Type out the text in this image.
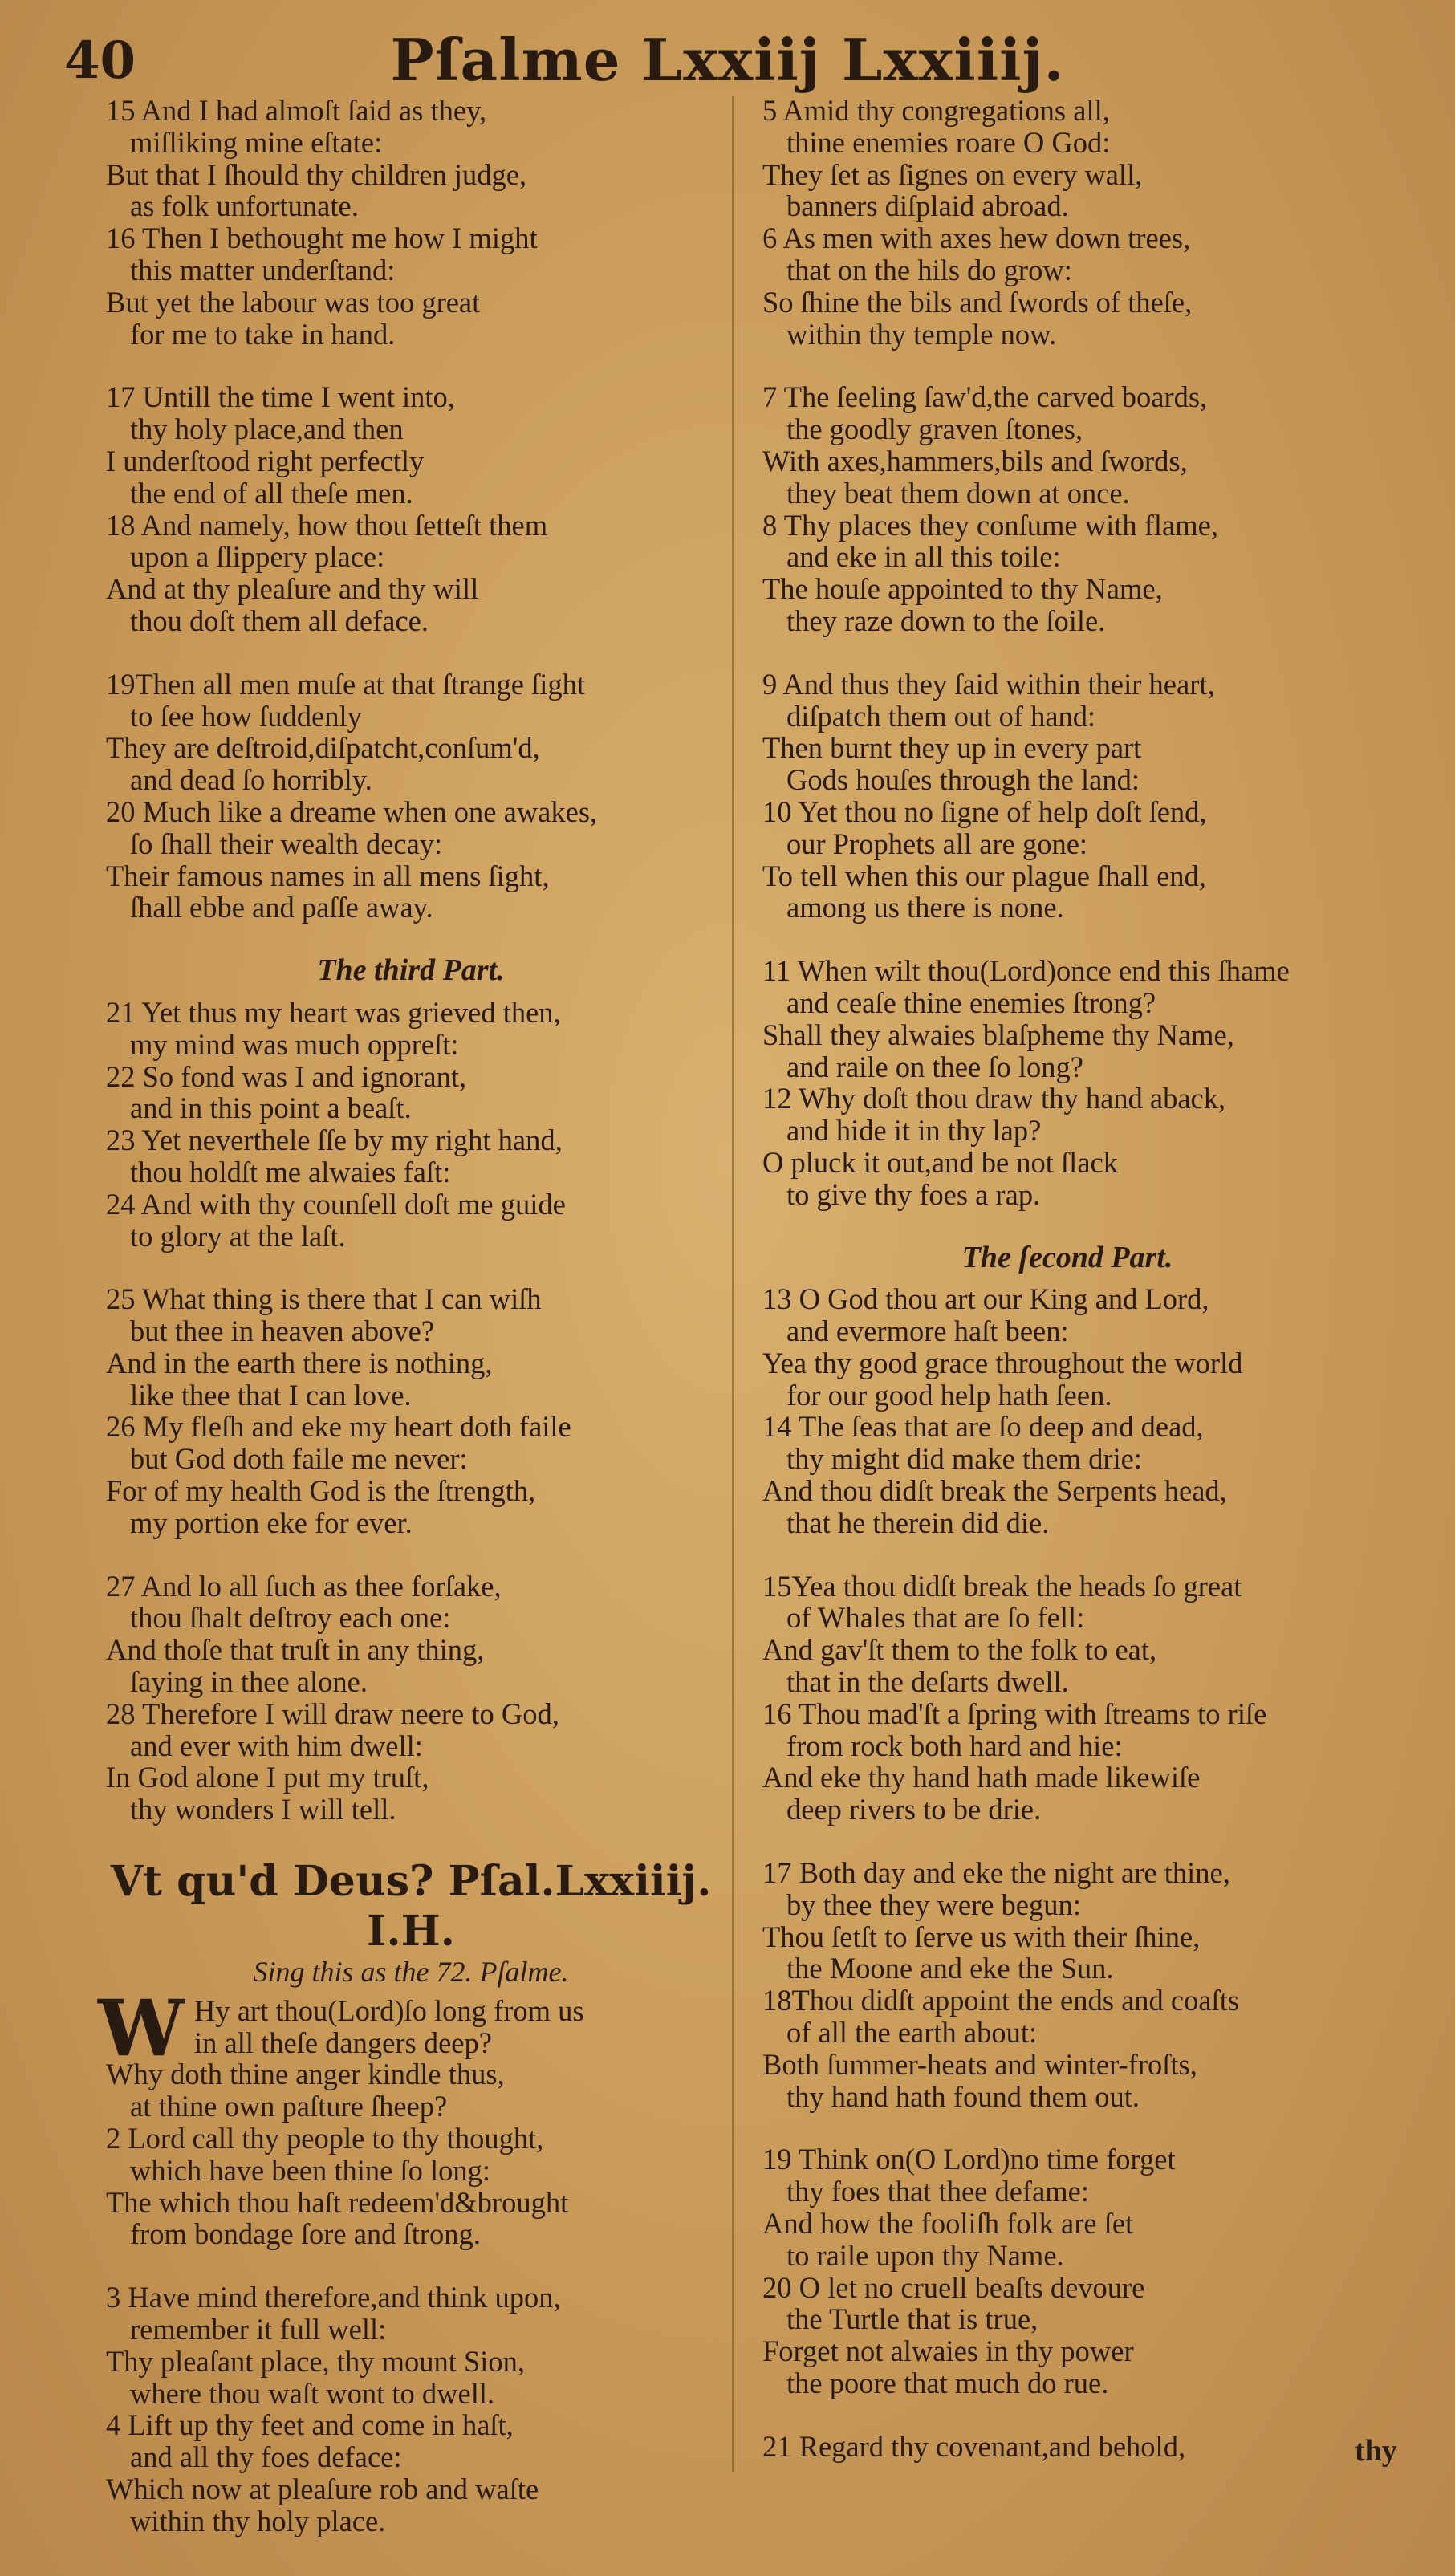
40	Pſalme Lxxiij Lxxiiij.
15 And I had almoſt ſaid as they,
miſliking mine eſtate:
But that I ſhould thy children judge,
as folk unfortunate.
16 Then I bethought me how I might
this matter underſtand:
But yet the labour was too great
for me to take in hand.
17 Untill the time I went into,
thy holy place,and then
I underſtood right perfectly
the end of all theſe men.
18 And namely, how thou ſetteſt them
upon a ſlippery place:
And at thy pleaſure and thy will
thou doſt them all deface.
19Then all men muſe at that ſtrange ſight
to ſee how ſuddenly
They are deſtroid,diſpatcht,conſum'd,
and dead ſo horribly.
20 Much like a dreame when one awakes,
ſo ſhall their wealth decay:
Their famous names in all mens ſight,
ſhall ebbe and paſſe away.
The third Part.
21 Yet thus my heart was grieved then,
my mind was much oppreſt:
22 So fond was I and ignorant,
and in this point a beaſt.
23 Yet neverthele ſſe by my right hand,
thou holdſt me alwaies faſt:
24 And with thy counſell doſt me guide
to glory at the laſt.
25 What thing is there that I can wiſh
but thee in heaven above?
And in the earth there is nothing,
like thee that I can love.
26 My fleſh and eke my heart doth faile
but God doth faile me never:
For of my health God is the ſtrength,
my portion eke for ever.
27 And lo all ſuch as thee forſake,
thou ſhalt deſtroy each one:
And thoſe that truſt in any thing,
ſaying in thee alone.
28 Therefore I will draw neere to God,
and ever with him dwell:
In God alone I put my truſt,
thy wonders I will tell.
Vt qu'd Deus? Pſal.Lxxiiij. I.H.
Sing this as the 72. Pſalme.
W Hy art thou(Lord)ſo long from us
in all theſe dangers deep?
Why doth thine anger kindle thus,
at thine own paſture ſheep?
2 Lord call thy people to thy thought,
which have been thine ſo long:
The which thou haſt redeem'd&brought
from bondage ſore and ſtrong.
3 Have mind therefore,and think upon,
remember it full well:
Thy pleaſant place, thy mount Sion,
where thou waſt wont to dwell.
4 Lift up thy feet and come in haſt,
and all thy foes deface:
Which now at pleaſure rob and waſte
within thy holy place.
5 Amid thy congregations all,
thine enemies roare O God:
They ſet as ſignes on every wall,
banners diſplaid abroad.
6 As men with axes hew down trees,
that on the hils do grow:
So ſhine the bils and ſwords of theſe,
within thy temple now.
7 The ſeeling ſaw'd,the carved boards,
the goodly graven ſtones,
With axes,hammers,bils and ſwords,
they beat them down at once.
8 Thy places they conſume with flame,
and eke in all this toile:
The houſe appointed to thy Name,
they raze down to the ſoile.
9 And thus they ſaid within their heart,
diſpatch them out of hand:
Then burnt they up in every part
Gods houſes through the land:
10 Yet thou no ſigne of help doſt ſend,
our Prophets all are gone:
To tell when this our plague ſhall end,
among us there is none.
11 When wilt thou(Lord)once end this ſhame
and ceaſe thine enemies ſtrong?
Shall they alwaies blaſpheme thy Name,
and raile on thee ſo long?
12 Why doſt thou draw thy hand aback,
and hide it in thy lap?
O pluck it out,and be not ſlack
to give thy foes a rap.
The ſecond Part.
13 O God thou art our King and Lord,
and evermore haſt been:
Yea thy good grace throughout the world
for our good help hath ſeen.
14 The ſeas that are ſo deep and dead,
thy might did make them drie:
And thou didſt break the Serpents head,
that he therein did die.
15Yea thou didſt break the heads ſo great
of Whales that are ſo fell:
And gav'ſt them to the folk to eat,
that in the deſarts dwell.
16 Thou mad'ſt a ſpring with ſtreams to riſe
from rock both hard and hie:
And eke thy hand hath made likewiſe
deep rivers to be drie.
17 Both day and eke the night are thine,
by thee they were begun:
Thou ſetſt to ſerve us with their ſhine,
the Moone and eke the Sun.
18Thou didſt appoint the ends and coaſts
of all the earth about:
Both ſummer-heats and winter-froſts,
thy hand hath found them out.
19 Think on(O Lord)no time forget
thy foes that thee defame:
And how the fooliſh folk are ſet
to raile upon thy Name.
20 O let no cruell beaſts devoure
the Turtle that is true,
Forget not alwaies in thy power
the poore that much do rue.
21 Regard thy covenant,and behold,	thy
